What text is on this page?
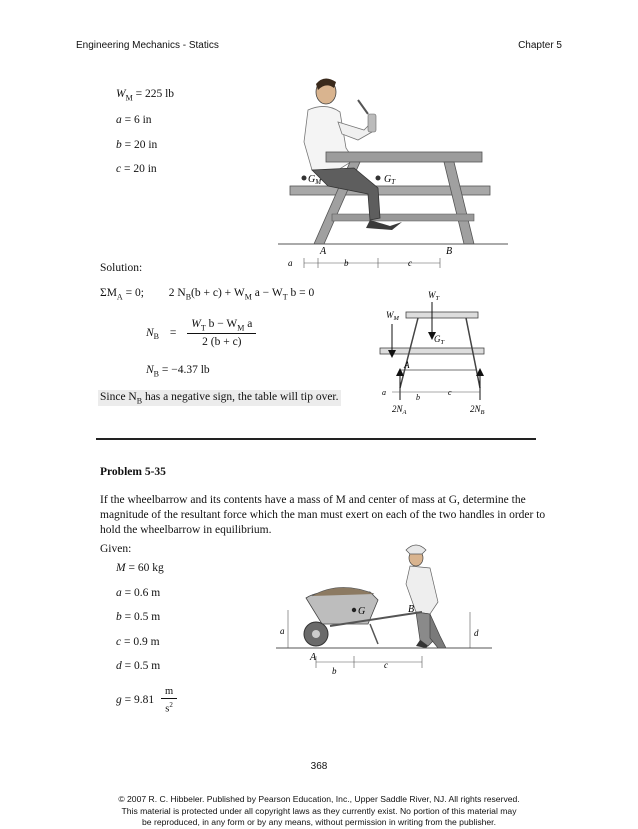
Engineering Mechanics - Statics	Chapter 5
$W_M = 225$ lb
a = 6 in
b = 20 in
c = 20 in
$G_M$	$G_T$
A	B
a	b	c
Solution:
$\Sigma M_A = 0$; 2 $N_B(b + c) + W_M$ $a - W_T$ b = 0
$N_B = \frac{W_T b - W_M a}{2 (b + c)}$
$N_B = -4.37$ lb
Since $N_B$ has a negative sign, the table will tip over.
$W_T$
$W_M$
$G_T$
A
a
b
c
$2N_A$	$2N_B$
Problem 5-35
If the wheelbarrow and its contents have a mass of M and center of mass at G, determine the
magnitude of the resultant force which the man must exert on each of the two handles in order to
hold the wheelbarrow in equilibrium.
Given:
M = 60 kg
a = 0.6 m
b = 0.5 m
c = 0.9 m
d = 0.5 m
$g = 9.81 \frac{m}{s^2}$
G	B
A
a	d
b
c
368
© 2007 R. C. Hibbeler. Published by Pearson Education, Inc., Upper Saddle River, NJ. All rights reserved.
This material is protected under all copyright laws as they currently exist. No portion of this material may
be reproduced, in any form or by any means, without permission in writing from the publisher.
